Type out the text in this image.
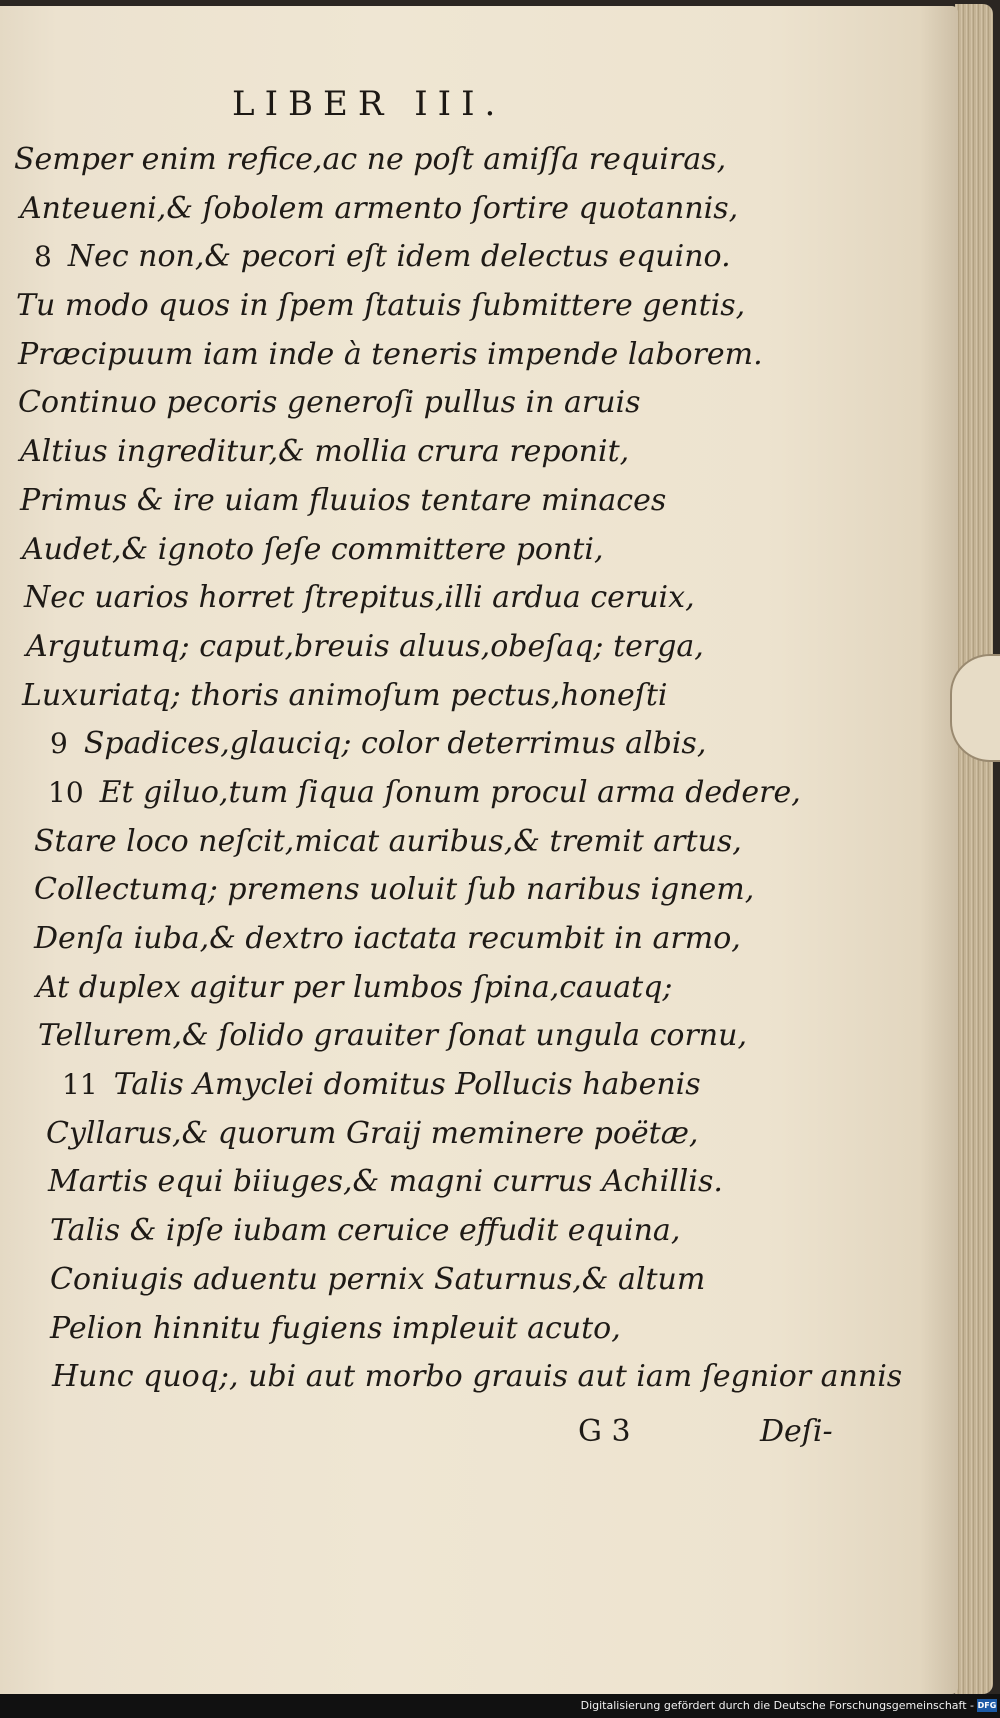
LIBER III.
Semper enim refice,ac ne poſt amiſſa requiras,
Anteueni,& ſobolem armento ſortire quotannis,
8 Nec non,& pecori eſt idem delectus equino.
Tu modo quos in ſpem ſtatuis ſubmittere gentis,
Præcipuum iam inde à teneris impende laborem.
Continuo pecoris generoſi pullus in aruis
Altius ingreditur,& mollia crura reponit,
Primus & ire uiam fluuios tentare minaces
Audet,& ignoto ſeſe committere ponti,
Nec uarios horret ſtrepitus,illi ardua ceruix,
Argutumq; caput,breuis aluus,obeſaq; terga,
Luxuriatq; thoris animoſum pectus,honeſti
9 Spadices,glauciq; color deterrimus albis,
10 Et giluo,tum ſiqua ſonum procul arma dedere,
Stare loco neſcit,micat auribus,& tremit artus,
Collectumq; premens uoluit ſub naribus ignem,
Denſa iuba,& dextro iactata recumbit in armo,
At duplex agitur per lumbos ſpina,cauatq;
Tellurem,& ſolido grauiter ſonat ungula cornu,
11 Talis Amyclei domitus Pollucis habenis
Cyllarus,& quorum Graij meminere poëtæ,
Martis equi biiuges,& magni currus Achillis.
Talis & ipſe iubam ceruice effudit equina,
Coniugis aduentu pernix Saturnus,& altum
Pelion hinnitu fugiens impleuit acuto,
Hunc quoq;, ubi aut morbo grauis aut iam ſegnior annis
G 3	Deſi-
Digitalisierung gefördert durch die Deutsche Forschungsgemeinschaft - DFG
